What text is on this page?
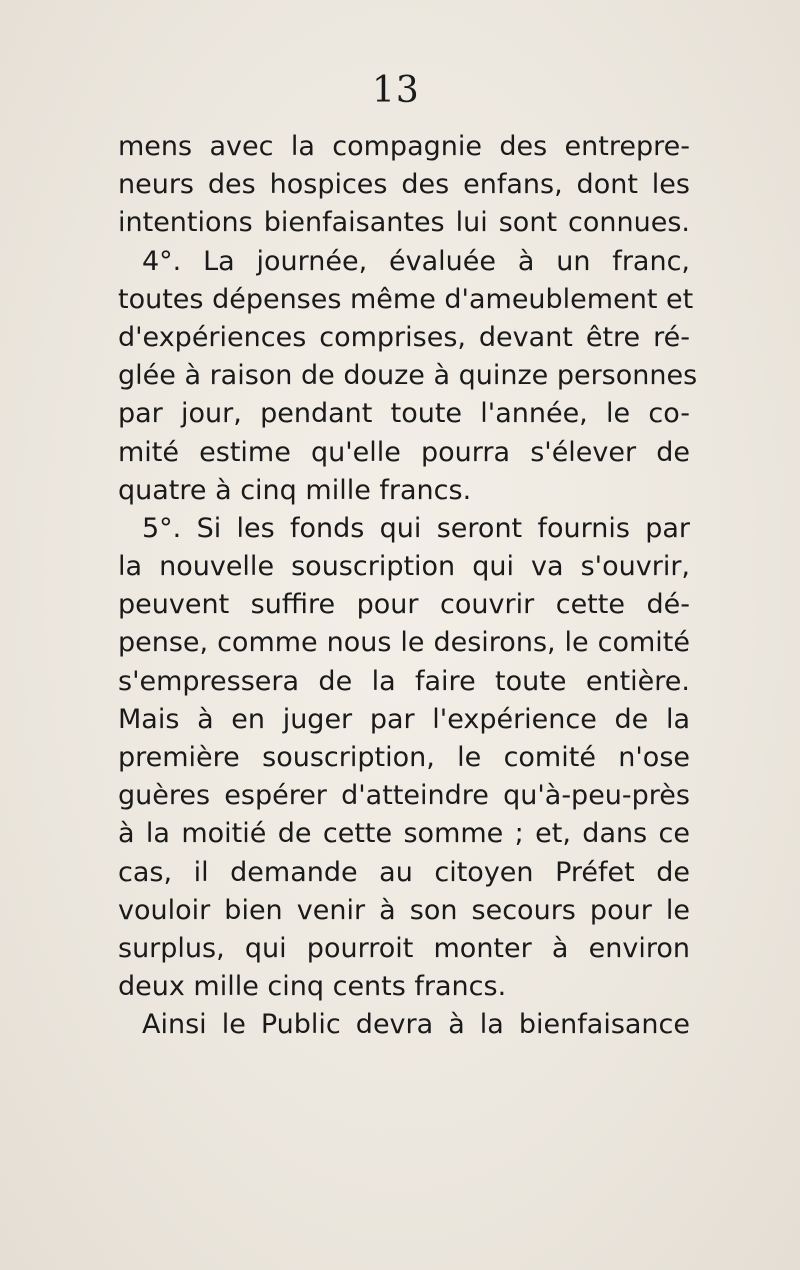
13
mens avec la compagnie des entrepre-
neurs des hospices des enfans, dont les
intentions bienfaisantes lui sont connues.
4°. La journée, évaluée à un franc,
toutes dépenses même d'ameublement et
d'expériences comprises, devant être ré-
glée à raison de douze à quinze personnes
par jour, pendant toute l'année, le co-
mité estime qu'elle pourra s'élever de
quatre à cinq mille francs.
5°. Si les fonds qui seront fournis par
la nouvelle souscription qui va s'ouvrir,
peuvent suffire pour couvrir cette dé-
pense, comme nous le desirons, le comité
s'empressera de la faire toute entière.
Mais à en juger par l'expérience de la
première souscription, le comité n'ose
guères espérer d'atteindre qu'à-peu-près
à la moitié de cette somme ; et, dans ce
cas, il demande au citoyen Préfet de
vouloir bien venir à son secours pour le
surplus, qui pourroit monter à environ
deux mille cinq cents francs.
Ainsi le Public devra à la bienfaisance
